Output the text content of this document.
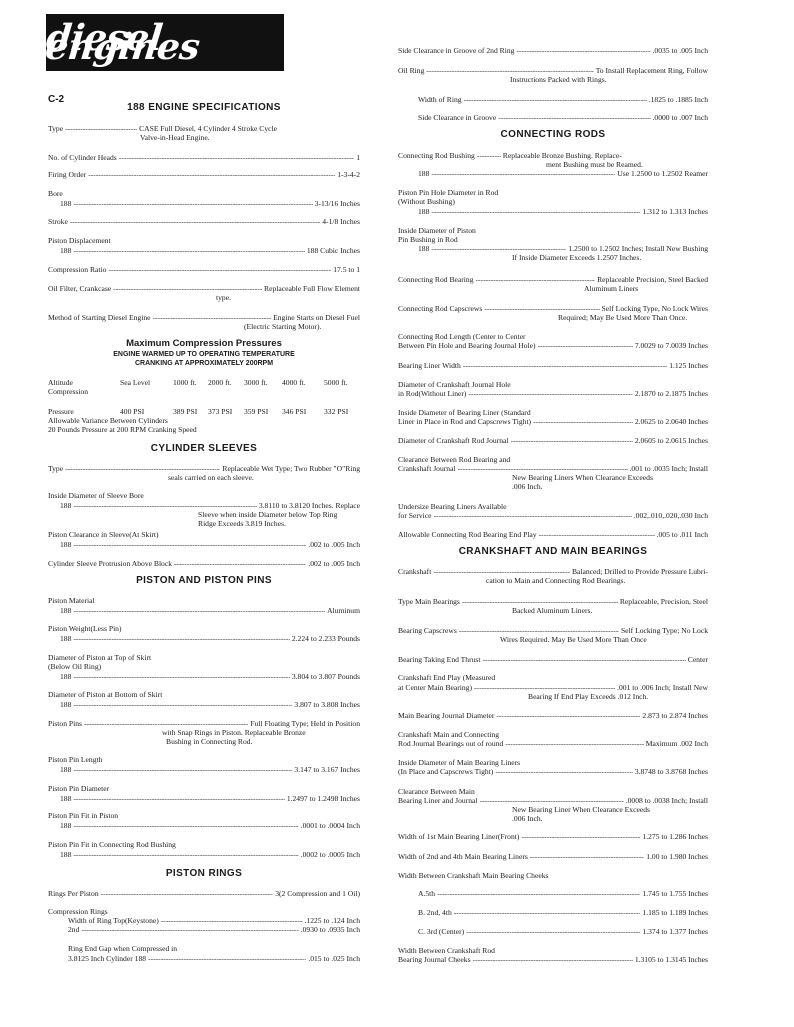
diesel engines
C-2
188 ENGINE SPECIFICATIONS
Type -----	CASE Full Diesel, 4 Cylinder 4 Stroke Cycle
Valve-in-Head Engine.
No. of Cylinder Heads -----	1
Firing Order -----	1-3-4-2
Bore
188 -----	3-13/16 Inches
Stroke -----	4-1/8 Inches
Piston Displacement
188 -----	188 Cubic Inches
Compression Ratio -----	17.5 to 1
Oil Filter, Crankcase -----	Replaceable Full Flow Element
type.
Method of Starting Diesel Engine -----	Engine Starts on Diesel Fuel
(Electric Starting Motor).
Maximum Compression Pressures
ENGINE WARMED UP TO OPERATING TEMPERATURE
CRANKING AT APPROXIMATELY 200RPM
Altitude
Compression
Sea Level	1000 ft. 2000 ft. 3000 ft. 4000 ft. 5000 ft.
Pressure	400 PSI	389 PSI 373 PSI 359 PSI 346 PSI 332 PSI
Allowable Variance Between Cylinders
20 Pounds Pressure at 200 RPM Cranking Speed
CYLINDER SLEEVES
Type -----	Replaceable Wet Type; Two Rubber "O"Ring
seals carried on each sleeve.
Inside Diameter of Sleeve Bore
188 -----	3.8110 to 3.8120 Inches. Replace
Sleeve when inside Diameter below Top Ring
Ridge Exceeds 3.819 Inches.
Piston Clearance in Sleeve(At Skirt)
188 -----	.002 to .005 Inch
Cylinder Sleeve Protrusion Above Block -----	.002 to .005 Inch
PISTON AND PISTON PINS
Piston Material
188 -----	Aluminum
Piston Weight(Less Pin)
188 -----	2.224 to 2.233 Pounds
Diameter of Piston at Top of Skirt
(Below Oil Ring)
188 -----	3.804 to 3.807 Pounds
Diameter of Piston at Bottom of Skirt
188 -----	3.807 to 3.808 Inches
Piston Pins -----	Full Floating Type; Held in Position
with Snap Rings in Piston. Replaceable Bronze
Bushing in Connecting Rod.
Piston Pin Length
188 -----	3.147 to 3.167 Inches
Piston Pin Diameter
188 -----	1.2497 to 1.2498 Inches
Piston Pin Fit in Piston
188 -----	.0001 to .0004 Inch
Piston Pin Fit in Connecting Rod Bushing
188 -----	.0002 to .0005 Inch
PISTON RINGS
Rings Per Piston -----	3(2 Compression and 1 Oil)
Compression Rings
Width of Ring Top(Keystone) -----	.1225 to .124 Inch
2nd -----	.0930 to .0935 Inch
Ring End Gap when Compressed in
3.8125 Inch Cylinder 188 -----	.015 to .025 Inch
Side Clearance in Groove of 2nd Ring -----	.0035 to .005 Inch
Oil Ring -----	To Install Replacement Ring, Follow
Instructions Packed with Rings.
Width of Ring -----	.1825 to .1885 Inch
Side Clearance in Groove -----	.0000 to .007 Inch
CONNECTING RODS
Connecting Rod Bushing -----	Replaceable Bronze Bushing. Replace-
ment Bushing must be Reamed.
188 -----	Use 1.2500 to 1.2502 Reamer
Piston Pin Hole Diameter in Rod
(Without Bushing)
188 -----	1.312 to 1.313 Inches
Inside Diameter of Piston
Pin Bushing in Rod
188 -----	1.2500 to 1.2502 Inches; Install New Bushing
If Inside Diameter Exceeds 1.2507 Inches.
Connecting Rod Bearing -----	Replaceable Precision, Steel Backed
Aluminum Liners
Connecting Rod Capscrews -----	Self Locking Type, No Lock Wires
Required; May Be Used More Than Once.
Connecting Rod Length (Center to Center
Between Pin Hole and Bearing Journal Hole) -----	7.0029 to 7.0039 Inches
Bearing Liner Width -----	1.125 Inches
Diameter of Crankshaft Journal Hole
in Rod(Without Liner) -----	2.1870 to 2.1875 Inches
Inside Diameter of Bearing Liner (Standard
Liner in Place in Rod and Capscrews Tight) -----	2.0625 to 2.0640 Inches
Diameter of Crankshaft Rod Journal -----	2.0605 to 2.0615 Inches
Clearance Between Rod Bearing and
Crankshaft Journal -----	.001 to .0035 Inch; Install
New Bearing Liners When Clearance Exceeds
.006 Inch.
Undersize Bearing Liners Available
for Service -----	.002,.010,.020,.030 Inch
Allowable Connecting Rod Bearing End Play -----	.005 to .011 Inch
CRANKSHAFT AND MAIN BEARINGS
Crankshaft -----	Balanced; Drilled to Provide Pressure Lubri-
cation to Main and Connecting Rod Bearings.
Type Main Bearings -----	Replaceable, Precision, Steel
Backed Aluminum Liners.
Bearing Capscrews -----	Self Locking Type; No Lock
Wires Required. May Be Used More Than Once
Bearing Taking End Thrust -----	Center
Crankshaft End Play (Measured
at Center Main Bearing) -----	.001 to .006 Inch; Install New
Bearing If End Play Exceeds .012 Inch.
Main Bearing Journal Diameter -----	2.873 to 2.874 Inches
Crankshaft Main and Connecting
Rod Journal Bearings out of round -----	Maximum .002 Inch
Inside Diameter of Main Bearing Liners
(In Place and Capscrews Tight) -----	3.8748 to 3.8768 Inches
Clearance Between Main
Bearing Liner and Journal -----	.0008 to .0038 Inch; Install
New Bearing Liner When Clearance Exceeds
.006 Inch.
Width of 1st Main Bearing Liner(Front) -----	1.275 to 1.286 Inches
Width of 2nd and 4th Main Bearing Liners -----	1.00 to 1.980 Inches
Width Between Crankshaft Main Bearing Cheeks
A.5th -----	1.745 to 1.755 Inches
B. 2nd, 4th -----	1.185 to 1.189 Inches
C. 3rd (Center) -----	1.374 to 1.377 Inches
Width Between Crankshaft Rod
Bearing Journal Cheeks -----	1.3105 to 1.3145 Inches
